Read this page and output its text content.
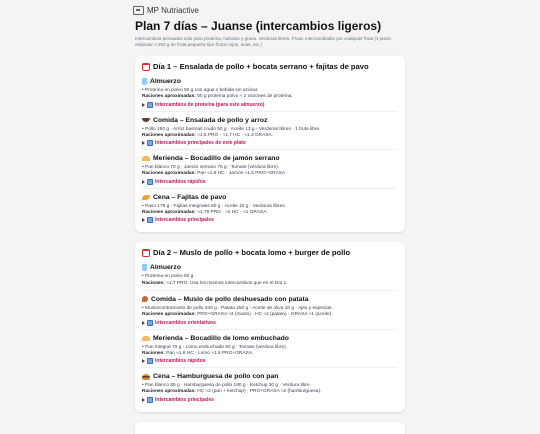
MP Nutriactive
Plan 7 días – Juanse (intercambios ligeros)
Intercambios pensados solo para proteína, hidratos y grasa. Verduras libres. Fruta: intercambiable por cualquier fruta (1 pieza estándar o 250 g de fruta pequeña tipo frutos rojos, uvas, etc.)
Día 1 – Ensalada de pollo + bocata serrano + fajitas de pavo
Almuerzo
• Proteína en polvo 50 g con agua o bebida sin azúcar.
Raciones aproximadas: 50 g proteína polvo ≈ 2 raciones de proteína.
Intercambios de proteína (para este almuerzo)
Comida – Ensalada de pollo y arroz
• Pollo 150 g · Arroz basmati crudo 50 g · Aceite 13 g · Verduras libres · 1 fruta libre.
Raciones aproximadas: ≈1,5 PRO · ≈1,7 HC · ≈1,3 GRASA.
Intercambios principales de este plato
Merienda – Bocadillo de jamón serrano
• Pan blanco 70 g · Jamón serrano 75 g · Tomate (verdura libre).
Raciones aproximadas: Pan ≈1,8 HC · Jamón ≈1,5 PRO+GRASA.
Intercambios rápidos
Cena – Fajitas de pavo
• Pavo 175 g · Fajitas integrales 60 g · Aceite 10 g · Verduras libres.
Raciones aproximadas: ≈1,75 PRO · ≈2 HC · ≈1 GRASA.
Intercambios principales
Día 2 – Muslo de pollo + bocata lomo + burger de pollo
Almuerzo
• Proteína en polvo 50 g.
Raciones: ≈1,7 PRO. Usa los mismos intercambios que en el Día 1.
Comida – Muslo de pollo deshuesado con patata
• Muslo/contramuslo de pollo 340 g · Patata 250 g · Aceite de oliva 10 g · Ajito y especias.
Raciones aproximadas: PRO+GRASA ≈3 (muslo) · HC ≈2 (patata) · GRASA ≈1 (aceite).
Intercambios orientativos
Merienda – Bocadillo de lomo embuchado
• Pan integral 70 g · Lomo embuchado 60 g · Tomate (verdura libre).
Raciones: Pan ≈1,8 HC · Lomo ≈1,5 PRO+GRASA.
Intercambios rápidos
Cena – Hamburguesa de pollo con pan
• Pan blanco 85 g · Hamburguesa de pollo 180 g · Ketchup 30 g · Verdura libre.
Raciones aproximadas: HC ≈2 (pan + ketchup) · PRO+GRASA ≈2 (hamburguesa).
Intercambios principales
